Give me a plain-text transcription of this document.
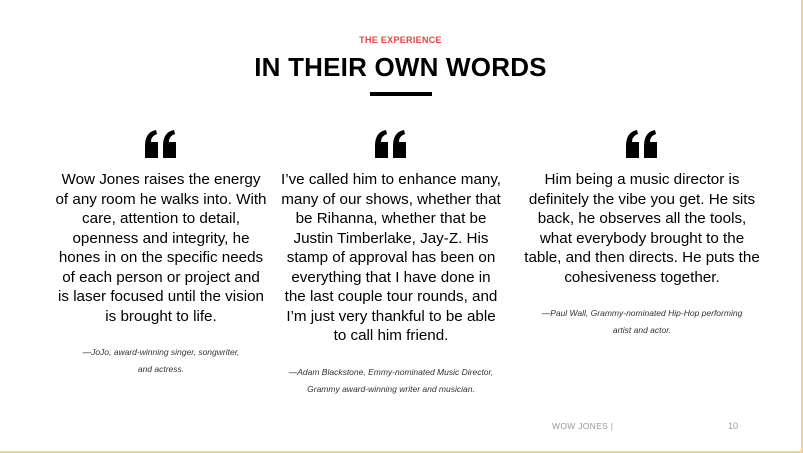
THE EXPERIENCE
IN THEIR OWN WORDS
Wow Jones raises the energy of any room he walks into. With care, attention to detail, openness and integrity, he hones in on the specific needs of each person or project and is laser focused until the vision is brought to life.
—JoJo, award-winning singer, songwriter, and actress.
I’ve called him to enhance many, many of our shows, whether that be Rihanna, whether that be Justin Timberlake, Jay-Z. His stamp of approval has been on everything that I have done in the last couple tour rounds, and I’m just very thankful to be able to call him friend.
—Adam Blackstone, Emmy-nominated Music Director, Grammy award-winning writer and musician.
Him being a music director is definitely the vibe you get. He sits back, he observes all the tools, what everybody brought to the table, and then directs. He puts the cohesiveness together.
—Paul Wall, Grammy-nominated Hip-Hop performing artist and actor.
WOW JONES |	10
